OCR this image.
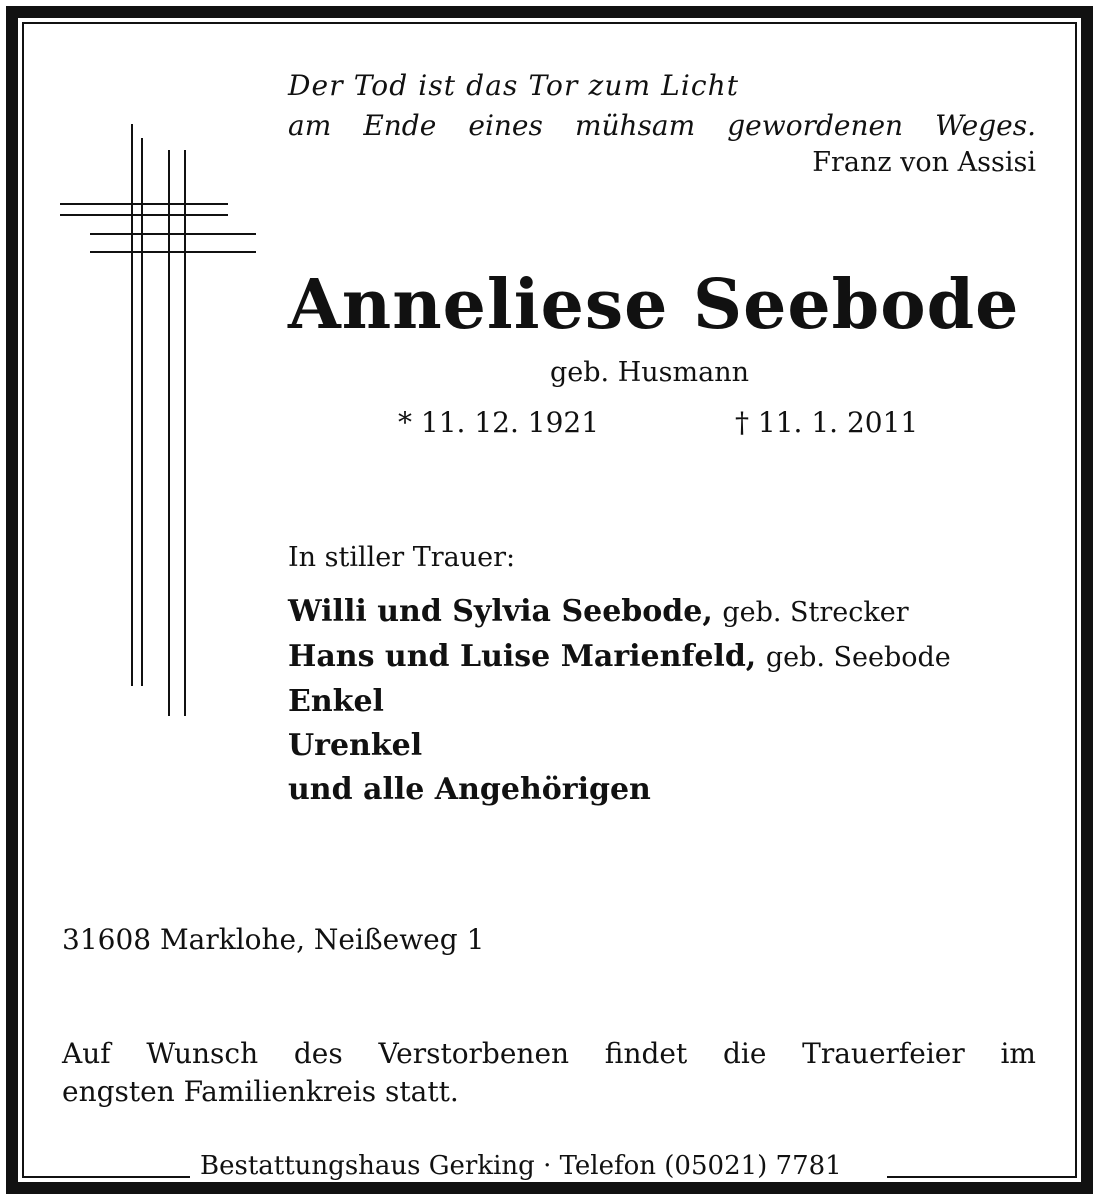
Der Tod ist das Tor zum Licht
am Ende eines mühsam gewordenen Weges.
Franz von Assisi
Anneliese Seebode
geb. Husmann
* 11. 12. 1921	† 11. 1. 2011
In stiller Trauer:
Willi und Sylvia Seebode, geb. Strecker
Hans und Luise Marienfeld, geb. Seebode
Enkel
Urenkel
und alle Angehörigen
31608 Marklohe, Neißeweg 1
Auf Wunsch des Verstorbenen findet die Trauerfeier im
engsten Familienkreis statt.
Bestattungshaus Gerking · Telefon (05021) 7781
